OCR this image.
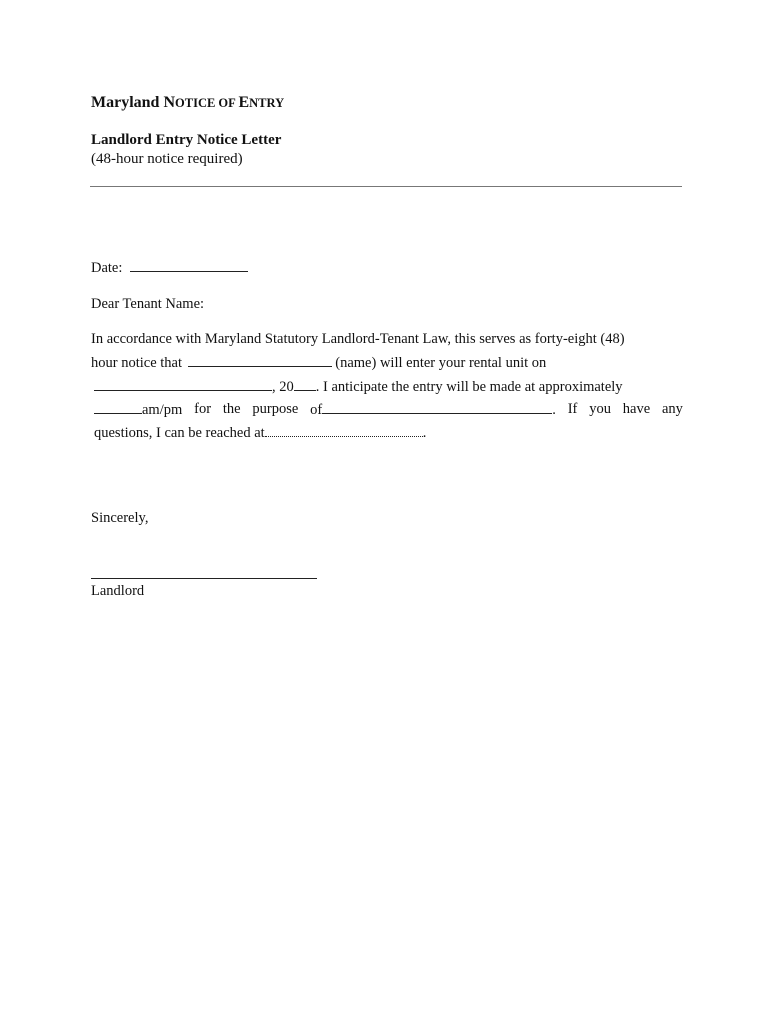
Maryland NOTICE OF ENTRY
Landlord Entry Notice Letter
(48-hour notice required)
Date:
Dear Tenant Name:
In accordance with Maryland Statutory Landlord-Tenant Law, this serves as forty-eight (48)
hour notice that	(name) will enter your rental unit on
, 20 . I anticipate the entry will be made at approximately
am/pm for the purpose of	. If you have any
questions, I can be reached at	.
Sincerely,
Landlord
